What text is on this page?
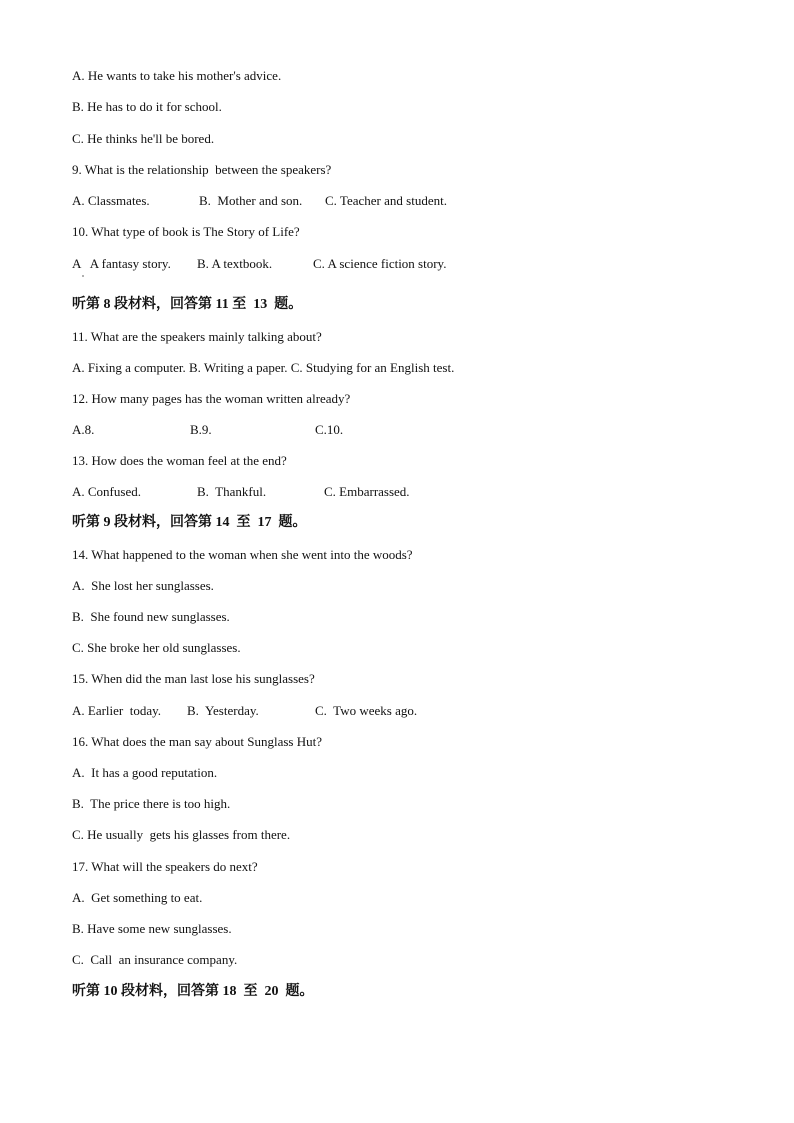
A. He wants to take his mother's advice.
B. He has to do it for school.
C. He thinks he'll be bored.
9. What is the relationship  between the speakers?
A. Classmates.	B.  Mother and son. C. Teacher and student.
10. What type of book is The Story of Life?
A   A fantasy story. B. A textbook.	C. A science fiction story.
听第 8 段材料，回答第 11 至  13  题。
11. What are the speakers mainly talking about?
A. Fixing a computer. B. Writing a paper. C. Studying for an English test.
12. How many pages has the woman written already?
A.8.	B.9.	C.10.
13. How does the woman feel at the end?
A. Confused.	B.  Thankful.	C. Embarrassed.
听第 9 段材料，回答第 14  至  17  题。
14. What happened to the woman when she went into the woods?
A.  She lost her sunglasses.
B.  She found new sunglasses.
C. She broke her old sunglasses.
15. When did the man last lose his sunglasses?
A. Earlier  today. B.  Yesterday.	C.  Two weeks ago.
16. What does the man say about Sunglass Hut?
A.  It has a good reputation.
B.  The price there is too high.
C. He usually  gets his glasses from there.
17. What will the speakers do next?
A.  Get something to eat.
B. Have some new sunglasses.
C.  Call  an insurance company.
听第 10 段材料，回答第 18  至  20  题。
